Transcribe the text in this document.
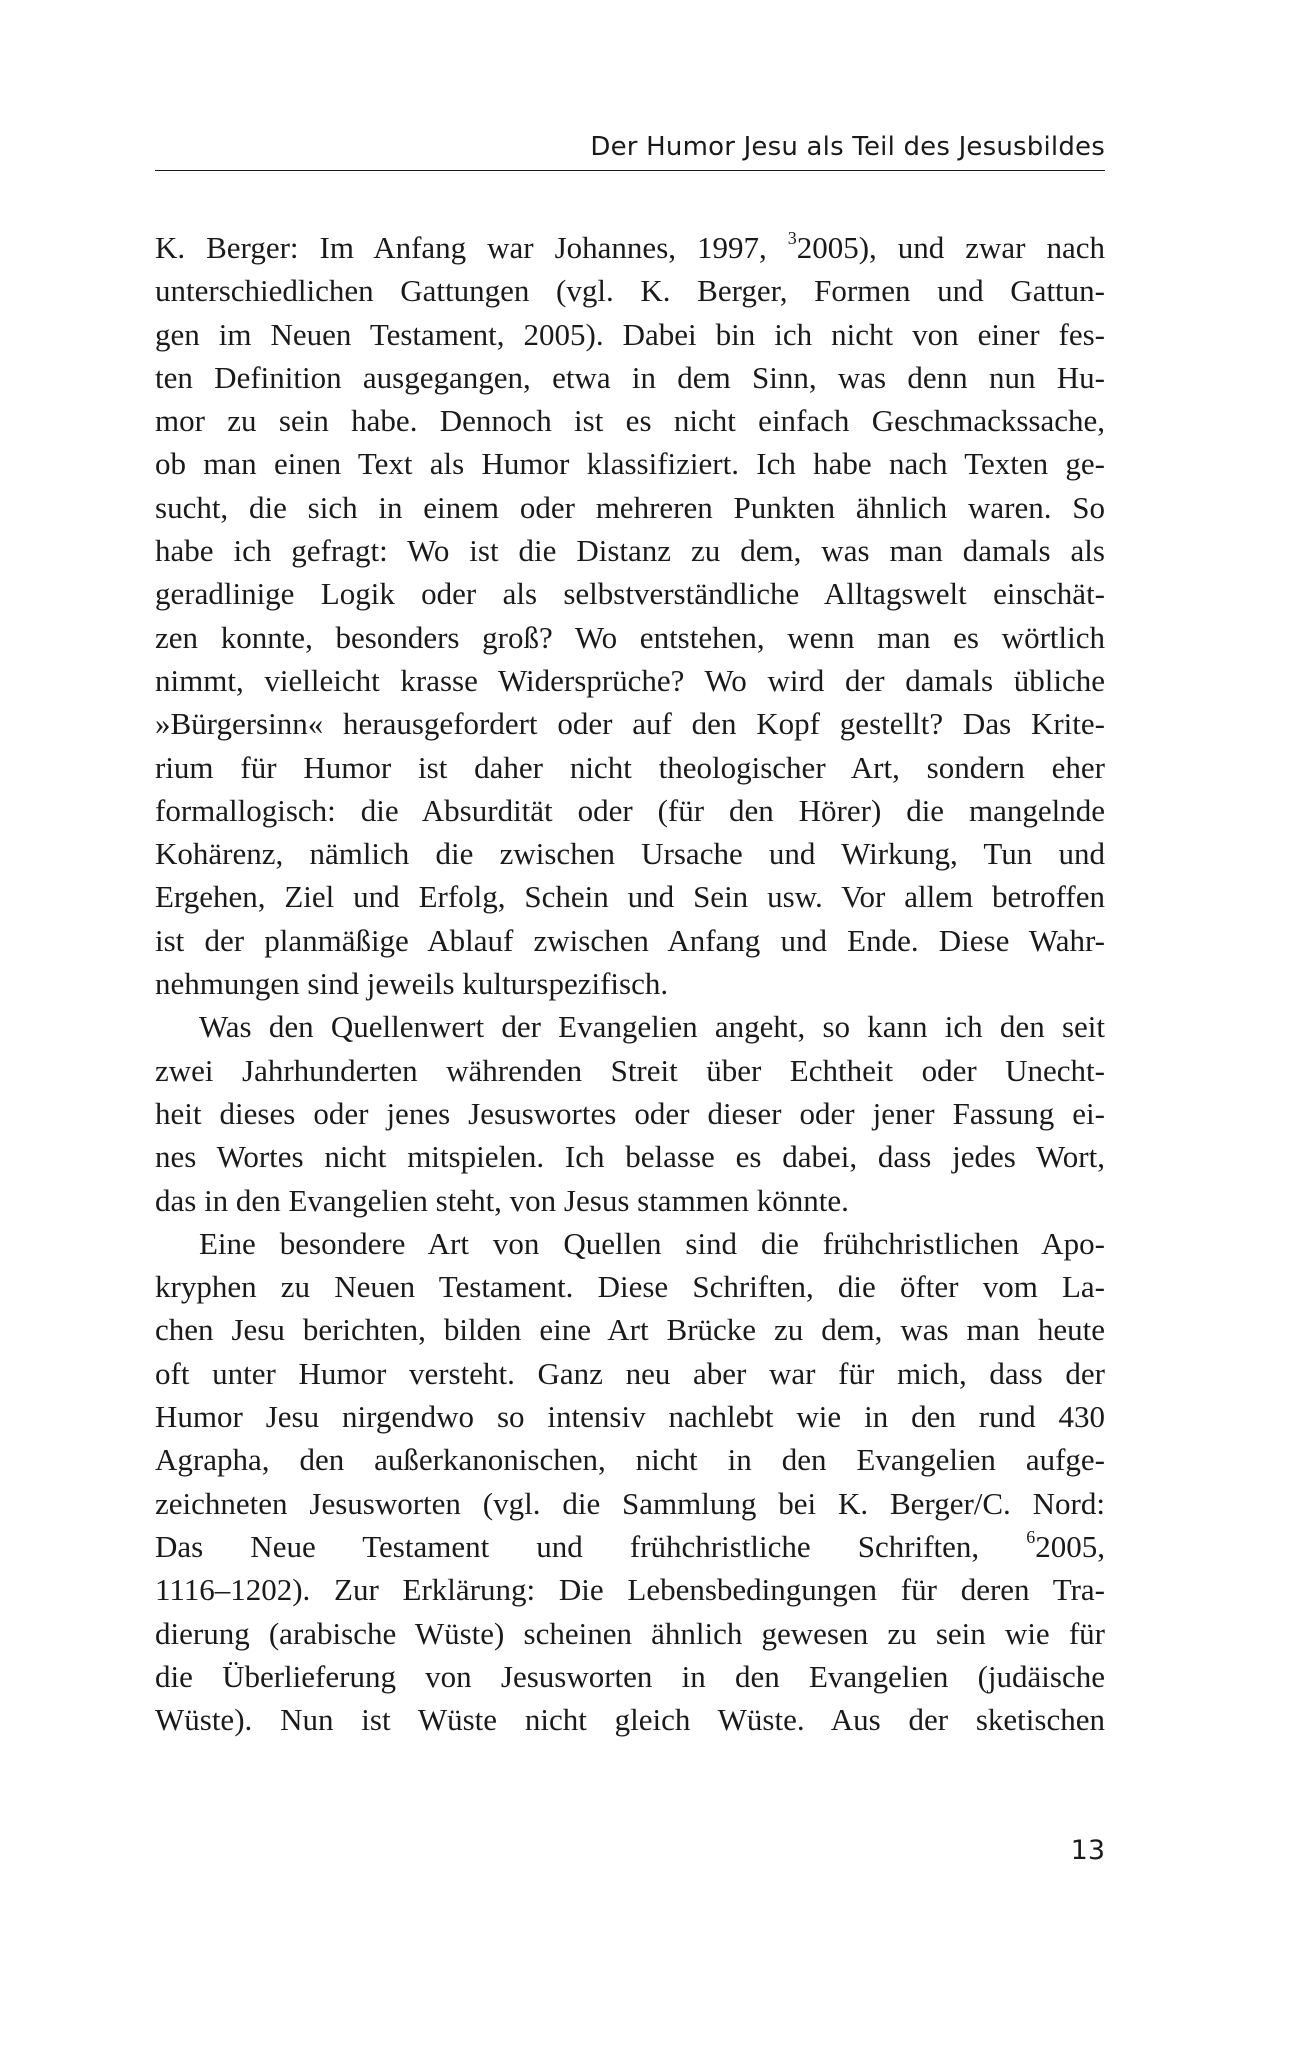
Der Humor Jesu als Teil des Jesusbildes
K. Berger: Im Anfang war Johannes, 1997, $^3$2005), und zwar nach
unterschiedlichen Gattungen (vgl. K. Berger, Formen und Gattun-
gen im Neuen Testament, 2005). Dabei bin ich nicht von einer fes-
ten Definition ausgegangen, etwa in dem Sinn, was denn nun Hu-
mor zu sein habe. Dennoch ist es nicht einfach Geschmackssache,
ob man einen Text als Humor klassifiziert. Ich habe nach Texten ge-
sucht, die sich in einem oder mehreren Punkten ähnlich waren. So
habe ich gefragt: Wo ist die Distanz zu dem, was man damals als
geradlinige Logik oder als selbstverständliche Alltagswelt einschät-
zen konnte, besonders groß? Wo entstehen, wenn man es wörtlich
nimmt, vielleicht krasse Widersprüche? Wo wird der damals übliche
»Bürgersinn« herausgefordert oder auf den Kopf gestellt? Das Krite-
rium für Humor ist daher nicht theologischer Art, sondern eher
formallogisch: die Absurdität oder (für den Hörer) die mangelnde
Kohärenz, nämlich die zwischen Ursache und Wirkung, Tun und
Ergehen, Ziel und Erfolg, Schein und Sein usw. Vor allem betroffen
ist der planmäßige Ablauf zwischen Anfang und Ende. Diese Wahr-
nehmungen sind jeweils kulturspezifisch.
Was den Quellenwert der Evangelien angeht, so kann ich den seit
zwei Jahrhunderten währenden Streit über Echtheit oder Unecht-
heit dieses oder jenes Jesuswortes oder dieser oder jener Fassung ei-
nes Wortes nicht mitspielen. Ich belasse es dabei, dass jedes Wort,
das in den Evangelien steht, von Jesus stammen könnte.
Eine besondere Art von Quellen sind die frühchristlichen Apo-
kryphen zu Neuen Testament. Diese Schriften, die öfter vom La-
chen Jesu berichten, bilden eine Art Brücke zu dem, was man heute
oft unter Humor versteht. Ganz neu aber war für mich, dass der
Humor Jesu nirgendwo so intensiv nachlebt wie in den rund 430
Agrapha, den außerkanonischen, nicht in den Evangelien aufge-
zeichneten Jesusworten (vgl. die Sammlung bei K. Berger/C. Nord:
Das Neue Testament und frühchristliche Schriften, $^6$2005,
1116–1202). Zur Erklärung: Die Lebensbedingungen für deren Tra-
dierung (arabische Wüste) scheinen ähnlich gewesen zu sein wie für
die Überlieferung von Jesusworten in den Evangelien (judäische
Wüste). Nun ist Wüste nicht gleich Wüste. Aus der sketischen
13
